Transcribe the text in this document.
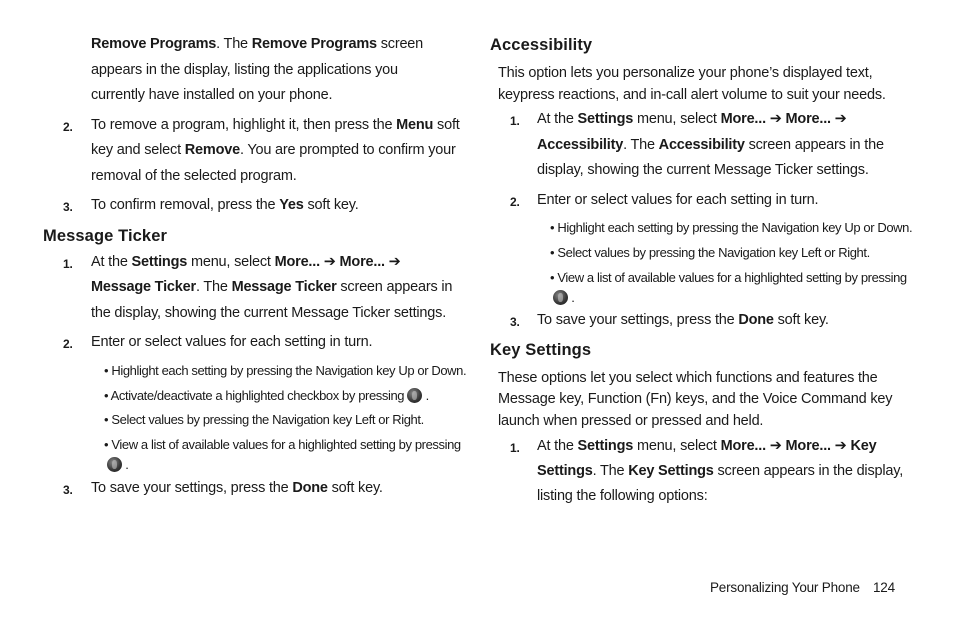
Remove Programs. The Remove Programs screen
appears in the display, listing the applications you
currently have installed on your phone.
2. To remove a program, highlight it, then press the Menu soft
key and select Remove. You are prompted to confirm your
removal of the selected program.
3. To confirm removal, press the Yes soft key.
Message Ticker
1. At the Settings menu, select More... ➔ More... ➔
Message Ticker. The Message Ticker screen appears in
the display, showing the current Message Ticker settings.
2. Enter or select values for each setting in turn.
• Highlight each setting by pressing the Navigation key Up or Down.
• Activate/deactivate a highlighted checkbox by pressing  .
• Select values by pressing the Navigation key Left or Right.
• View a list of available values for a highlighted setting by pressing
.
3. To save your settings, press the Done soft key.
Accessibility
This option lets you personalize your phone’s displayed text,
keypress reactions, and in-call alert volume to suit your needs.
1. At the Settings menu, select More... ➔ More... ➔
Accessibility. The Accessibility screen appears in the
display, showing the current Message Ticker settings.
2. Enter or select values for each setting in turn.
• Highlight each setting by pressing the Navigation key Up or Down.
• Select values by pressing the Navigation key Left or Right.
• View a list of available values for a highlighted setting by pressing
.
3. To save your settings, press the Done soft key.
Key Settings
These options let you select which functions and features the
Message key, Function (Fn) keys, and the Voice Command key
launch when pressed or pressed and held.
1. At the Settings menu, select More... ➔ More... ➔ Key
Settings. The Key Settings screen appears in the display,
listing the following options:
Personalizing Your Phone 124
